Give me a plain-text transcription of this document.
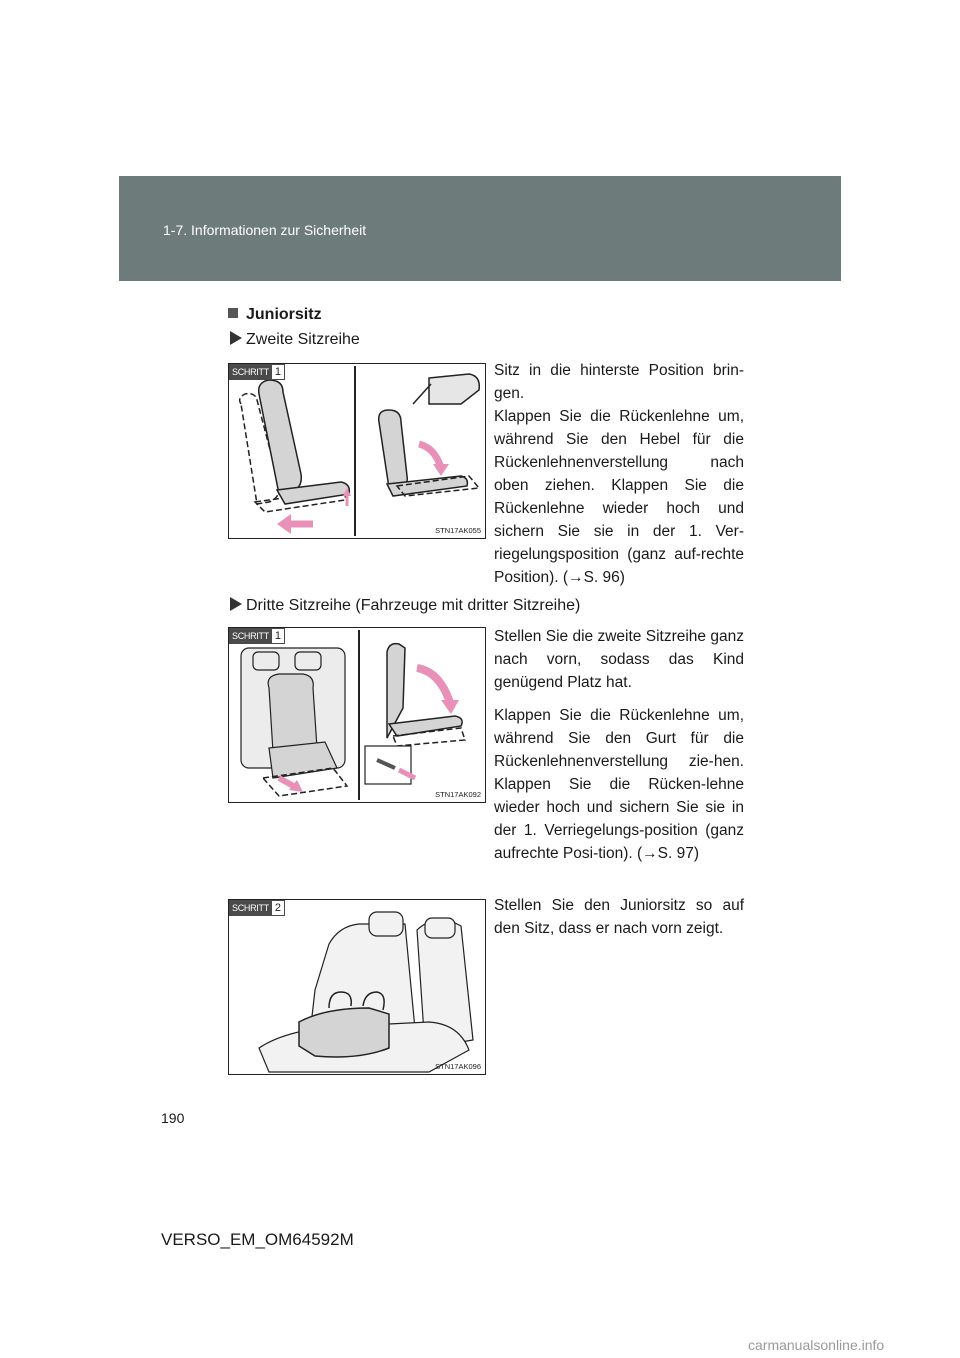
1-7. Informationen zur Sicherheit
Juniorsitz
Zweite Sitzreihe
SCHRITT 1
STN17AK055
Sitz in die hinterste Position brin-gen.
Klappen Sie die Rückenlehne um, während Sie den Hebel für die Rückenlehnenverstellung nach oben ziehen. Klappen Sie die Rückenlehne wieder hoch und sichern Sie sie in der 1. Ver-riegelungsposition (ganz auf-rechte Position). (→S. 96)
Dritte Sitzreihe (Fahrzeuge mit dritter Sitzreihe)
SCHRITT 1
STN17AK092
Stellen Sie die zweite Sitzreihe ganz nach vorn, sodass das Kind genügend Platz hat.
Klappen Sie die Rückenlehne um, während Sie den Gurt für die Rückenlehnenverstellung zie-hen. Klappen Sie die Rücken-lehne wieder hoch und sichern Sie sie in der 1. Verriegelungs-position (ganz aufrechte Posi-tion). (→S. 97)
SCHRITT 2
STN17AK096
Stellen Sie den Juniorsitz so auf den Sitz, dass er nach vorn zeigt.
190
VERSO_EM_OM64592M
carmanualsonline.info
